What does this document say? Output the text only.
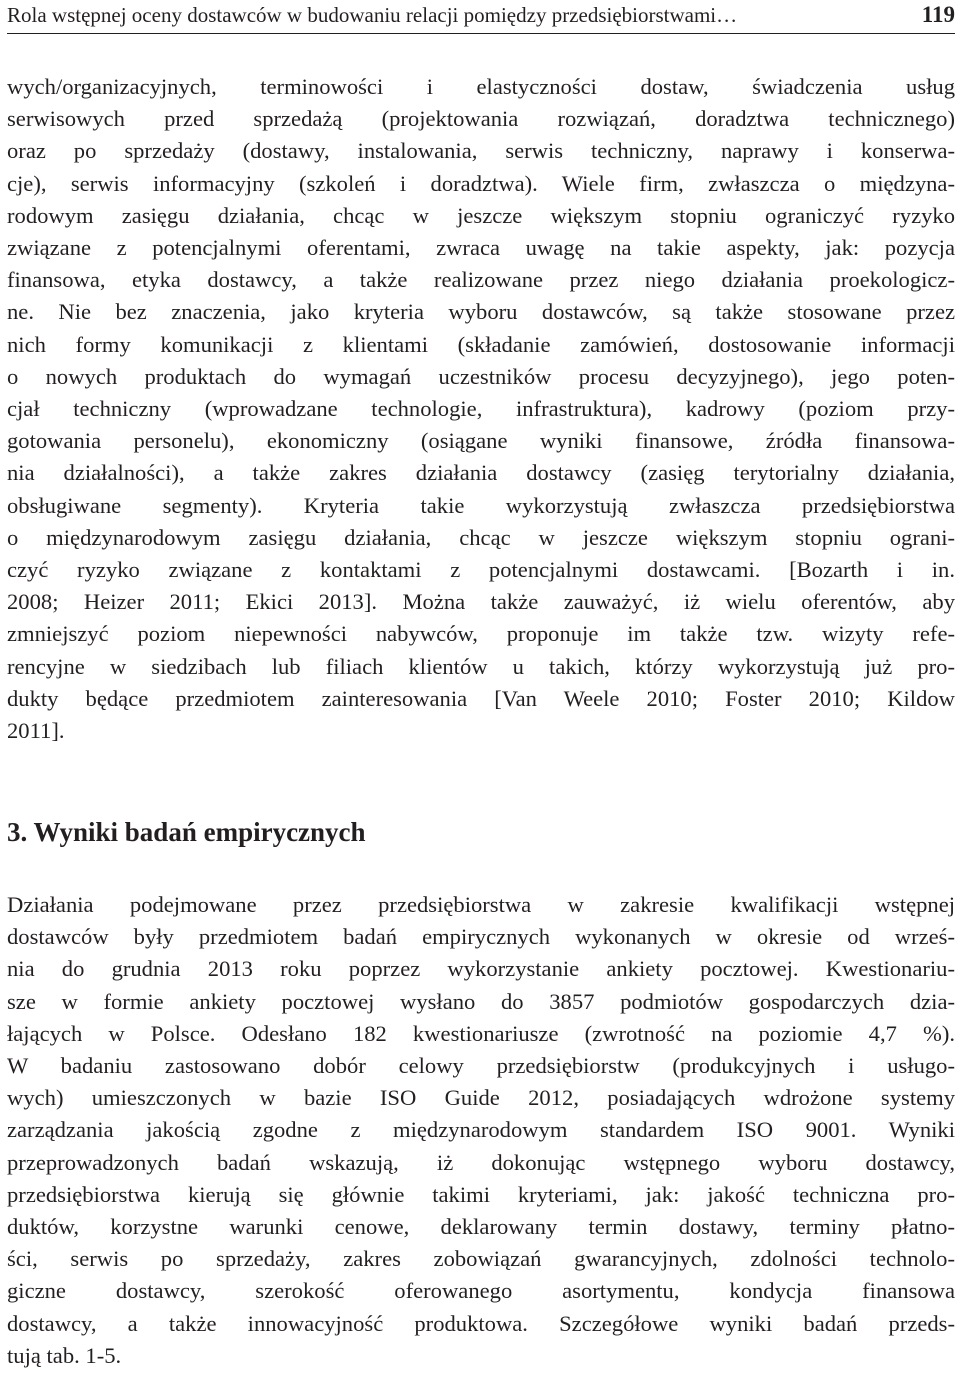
Rola wstępnej oceny dostawców w budowaniu relacji pomiędzy przedsiębiorstwami…	119

wych/organizacyjnych, terminowości i elastyczności dostaw, świadczenia usług
serwisowych przed sprzedażą (projektowania rozwiązań, doradztwa technicznego)
oraz po sprzedaży (dostawy, instalowania, serwis techniczny, naprawy i konserwa-
cje), serwis informacyjny (szkoleń i doradztwa). Wiele firm, zwłaszcza o międzyna-
rodowym zasięgu działania, chcąc w jeszcze większym stopniu ograniczyć ryzyko
związane z potencjalnymi oferentami, zwraca uwagę na takie aspekty, jak: pozycja
finansowa, etyka dostawcy, a także realizowane przez niego działania proekologicz-
ne. Nie bez znaczenia, jako kryteria wyboru dostawców, są także stosowane przez
nich formy komunikacji z klientami (składanie zamówień, dostosowanie informacji
o nowych produktach do wymagań uczestników procesu decyzyjnego), jego poten-
cjał techniczny (wprowadzane technologie, infrastruktura), kadrowy (poziom przy-
gotowania personelu), ekonomiczny (osiągane wyniki finansowe, źródła finansowa-
nia działalności), a także zakres działania dostawcy (zasięg terytorialny działania,
obsługiwane segmenty). Kryteria takie wykorzystują zwłaszcza przedsiębiorstwa
o międzynarodowym zasięgu działania, chcąc w jeszcze większym stopniu ograni-
czyć ryzyko związane z kontaktami z potencjalnymi dostawcami. [Bozarth i in.
2008; Heizer 2011; Ekici 2013]. Można także zauważyć, iż wielu oferentów, aby
zmniejszyć poziom niepewności nabywców, proponuje im także tzw. wizyty refe-
rencyjne w siedzibach lub filiach klientów u takich, którzy wykorzystują już pro-
dukty będące przedmiotem zainteresowania [Van Weele 2010; Foster 2010; Kildow
2011].

3. Wyniki badań empirycznych

Działania podejmowane przez przedsiębiorstwa w zakresie kwalifikacji wstępnej
dostawców były przedmiotem badań empirycznych wykonanych w okresie od wrześ-
nia do grudnia 2013 roku poprzez wykorzystanie ankiety pocztowej. Kwestionariu-
sze w formie ankiety pocztowej wysłano do 3857 podmiotów gospodarczych dzia-
łających w Polsce. Odesłano 182 kwestionariusze (zwrotność na poziomie 4,7 %).
W badaniu zastosowano dobór celowy przedsiębiorstw (produkcyjnych i usługo-
wych) umieszczonych w bazie ISO Guide 2012, posiadających wdrożone systemy
zarządzania jakością zgodne z międzynarodowym standardem ISO 9001. Wyniki
przeprowadzonych badań wskazują, iż dokonując wstępnego wyboru dostawcy,
przedsiębiorstwa kierują się głównie takimi kryteriami, jak: jakość techniczna pro-
duktów, korzystne warunki cenowe, deklarowany termin dostawy, terminy płatno-
ści, serwis po sprzedaży, zakres zobowiązań gwarancyjnych, zdolności technolo-
giczne dostawcy, szerokość oferowanego asortymentu, kondycja finansowa
dostawcy, a także innowacyjność produktowa. Szczegółowe wyniki badań przeds-
tują tab. 1-5.
